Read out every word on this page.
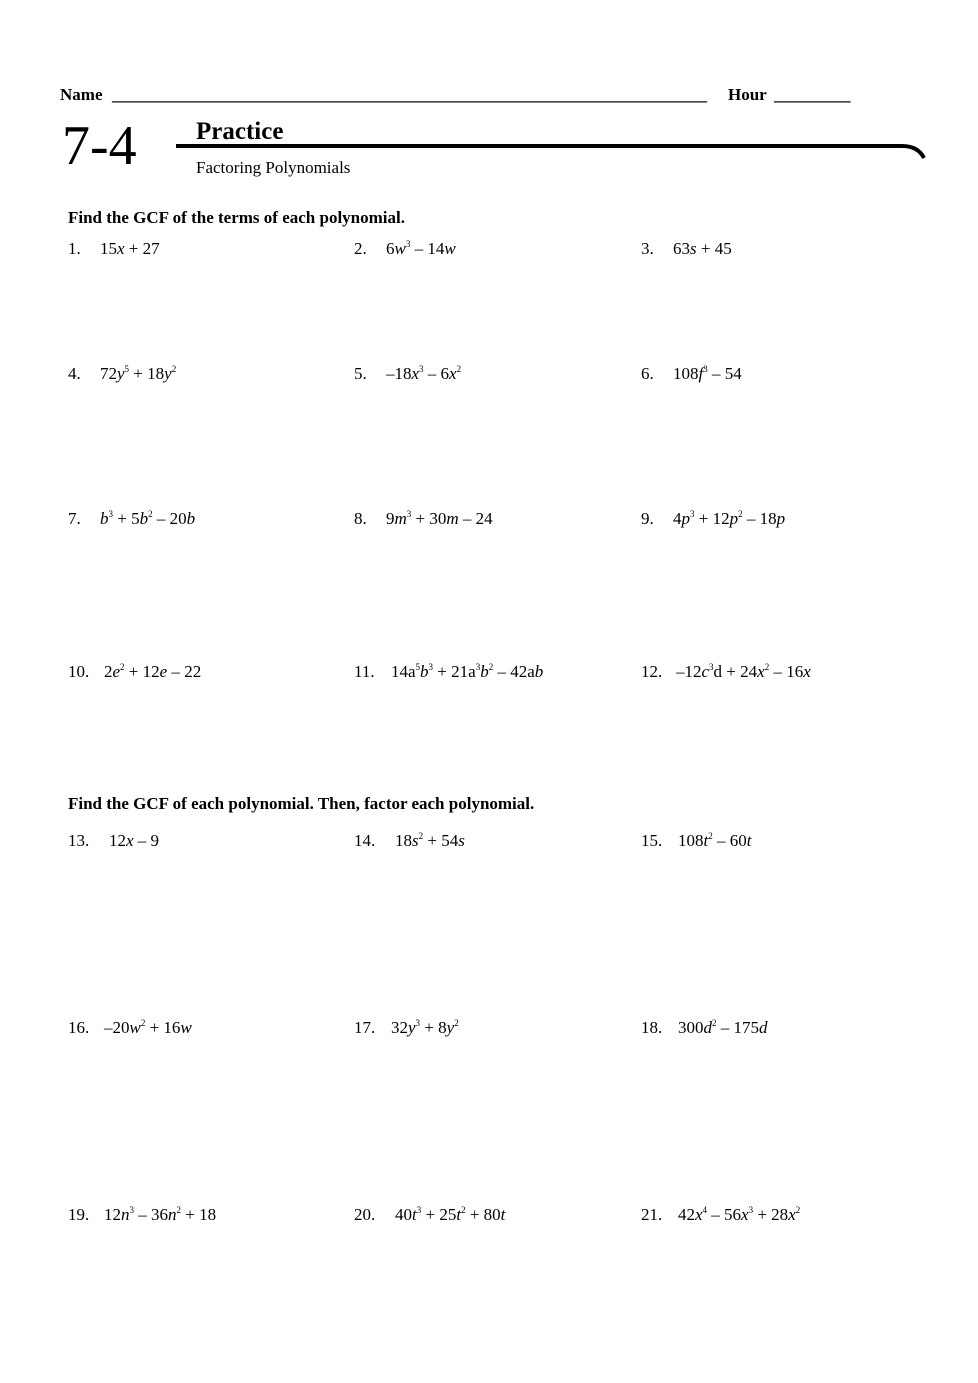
Name ______________________________________________________________________ Hour _________
7-4 Practice
Factoring Polynomials
Find the GCF of the terms of each polynomial.
1. 15x + 27	2. $6w^3 - 14w$	3. 63s + 45
4. $72y^5 + 18y^2$	5. $-18x^3 - 6x^2$	6. $108f^3 - 54$
7. $b^3 + 5b^2 - 20b$	8. $9m^3 + 30m - 24$	9. $4p^3 + 12p^2 - 18p$
10. $2e^2 + 12e - 22$	11. $14a^5b^3 + 21a^3b^2 - 42ab$	12. $-12c^3d + 24x^2 - 16x$
Find the GCF of each polynomial. Then, factor each polynomial.
13. 12x – 9	14. $18s^2 + 54s$	15. $108t^2 - 60t$
16. $-20w^2 + 16w$	17. $32y^3 + 8y^2$	18. $300d^2 - 175d$
19. $12n^3 - 36n^2 + 18$	20. $40t^3 + 25t^2 + 80t$	21. $42x^4 - 56x^3 + 28x^2$
